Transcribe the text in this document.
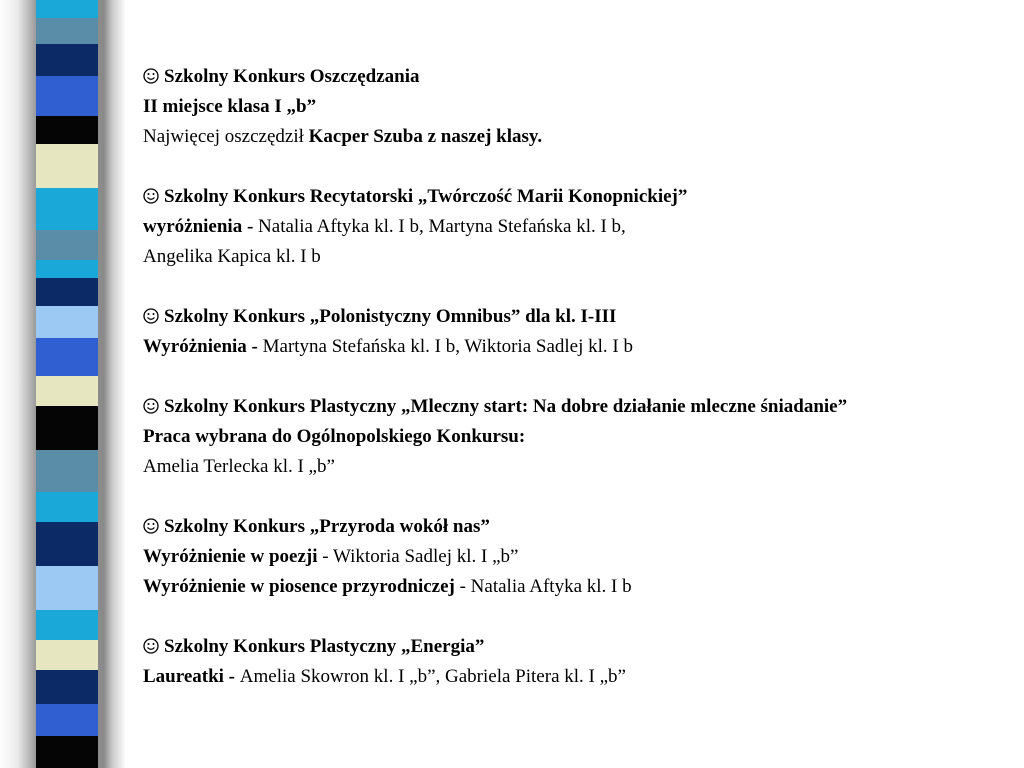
Szkolny Konkurs Oszczędzania
II miejsce klasa I „b”
Najwięcej oszczędził Kacper Szuba z naszej klasy.
Szkolny Konkurs Recytatorski „Twórczość Marii Konopnickiej”
wyróżnienia - Natalia Aftyka kl. I b, Martyna Stefańska kl. I b,
Angelika Kapica kl. I b
Szkolny Konkurs „Polonistyczny Omnibus” dla kl. I-III
Wyróżnienia - Martyna Stefańska kl. I b, Wiktoria Sadlej kl. I b
Szkolny Konkurs Plastyczny „Mleczny start: Na dobre działanie mleczne śniadanie”
Praca wybrana do Ogólnopolskiego Konkursu:
Amelia Terlecka kl. I „b”
Szkolny Konkurs „Przyroda wokół nas”
Wyróżnienie w poezji - Wiktoria Sadlej kl. I „b”
Wyróżnienie w piosence przyrodniczej - Natalia Aftyka kl. I b
Szkolny Konkurs Plastyczny „Energia”
Laureatki - Amelia Skowron kl. I „b”, Gabriela Pitera kl. I „b”
